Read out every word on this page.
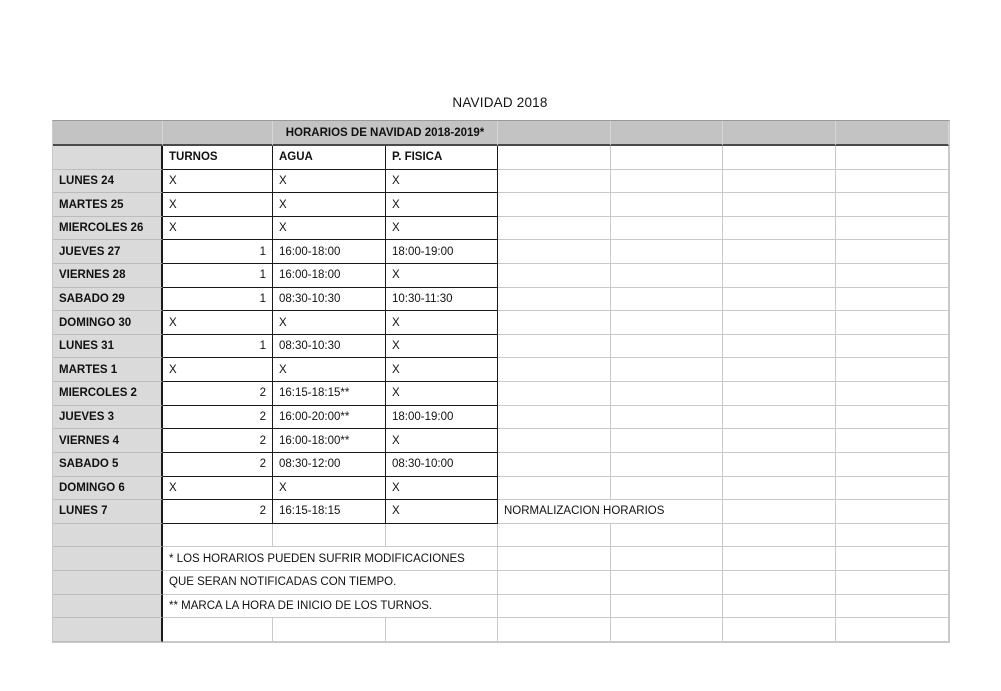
NAVIDAD 2018
HORARIOS DE NAVIDAD 2018-2019*
TURNOS	AGUA	P. FISICA
LUNES 24	X	X	X
MARTES 25	X	X	X
MIERCOLES 26	X	X	X
JUEVES 27	1	16:00-18:00	18:00-19:00
VIERNES 28	1	16:00-18:00	X
SABADO 29	1	08:30-10:30	10:30-11:30
DOMINGO 30	X	X	X
LUNES 31	1	08:30-10:30	X
MARTES 1	X	X	X
MIERCOLES 2	2	16:15-18:15**	X
JUEVES 3	2	16:00-20:00**	18:00-19:00
VIERNES 4	2	16:00-18:00**	X
SABADO 5	2	08:30-12:00	08:30-10:00
DOMINGO 6	X	X	X
LUNES 7	2	16:15-18:15	X	NORMALIZACION HORARIOS
* LOS HORARIOS PUEDEN SUFRIR MODIFICACIONES
QUE SERAN NOTIFICADAS CON TIEMPO.
** MARCA LA HORA DE INICIO DE LOS TURNOS.
